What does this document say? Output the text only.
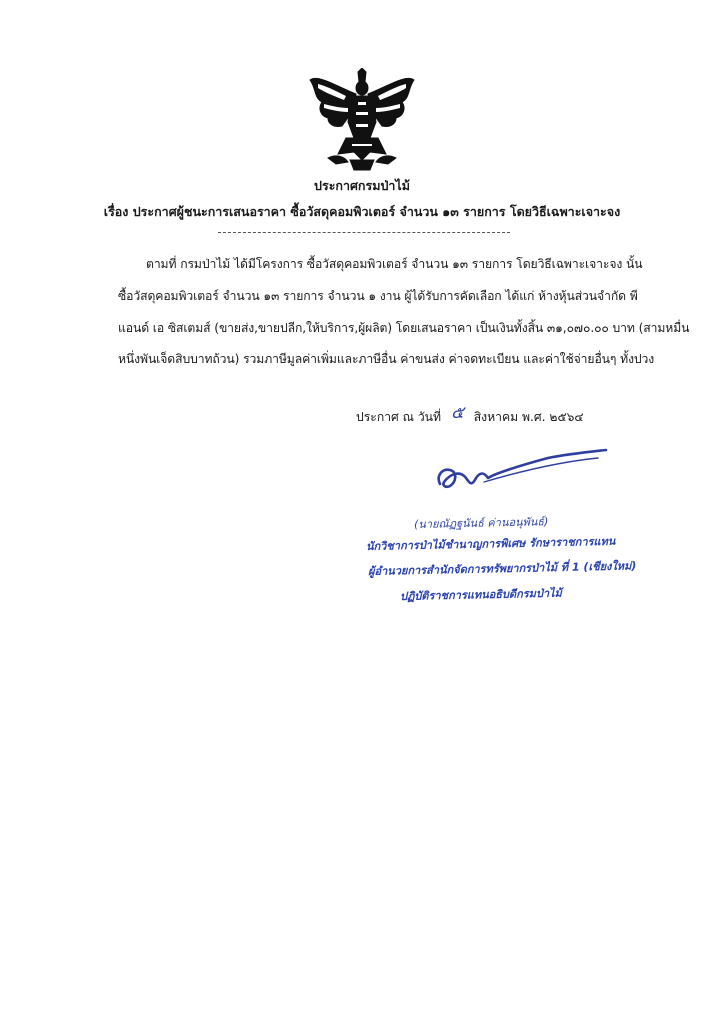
ประกาศกรมป่าไม้
เรื่อง ประกาศผู้ชนะการเสนอราคา ซื้อวัสดุคอมพิวเตอร์ จำนวน ๑๓ รายการ โดยวิธีเฉพาะเจาะจง
ตามที่ กรมป่าไม้ ได้มีโครงการ ซื้อวัสดุคอมพิวเตอร์ จำนวน ๑๓ รายการ โดยวิธีเฉพาะเจาะจง นั้น
ซื้อวัสดุคอมพิวเตอร์ จำนวน ๑๓ รายการ จำนวน ๑ งาน ผู้ได้รับการคัดเลือก ได้แก่ ห้างหุ้นส่วนจำกัด พี
แอนด์ เอ ซิสเตมส์ (ขายส่ง,ขายปลีก,ให้บริการ,ผู้ผลิต) โดยเสนอราคา เป็นเงินทั้งสิ้น ๓๑,๐๗๐.๐๐ บาท (สามหมื่น
หนึ่งพันเจ็ดสิบบาทถ้วน) รวมภาษีมูลค่าเพิ่มและภาษีอื่น ค่าขนส่ง ค่าจดทะเบียน และค่าใช้จ่ายอื่นๆ ทั้งปวง
ประกาศ ณ วันที่ ๕ สิงหาคม พ.ศ. ๒๕๖๔
(นายณัฏฐนันธ์ ค่านอนุพันธ์)
นักวิชาการป่าไม้ชำนาญการพิเศษ รักษาราชการแทน
ผู้อำนวยการสำนักจัดการทรัพยากรป่าไม้ ที่ 1 (เชียงใหม่)
ปฏิบัติราชการแทนอธิบดีกรมป่าไม้
